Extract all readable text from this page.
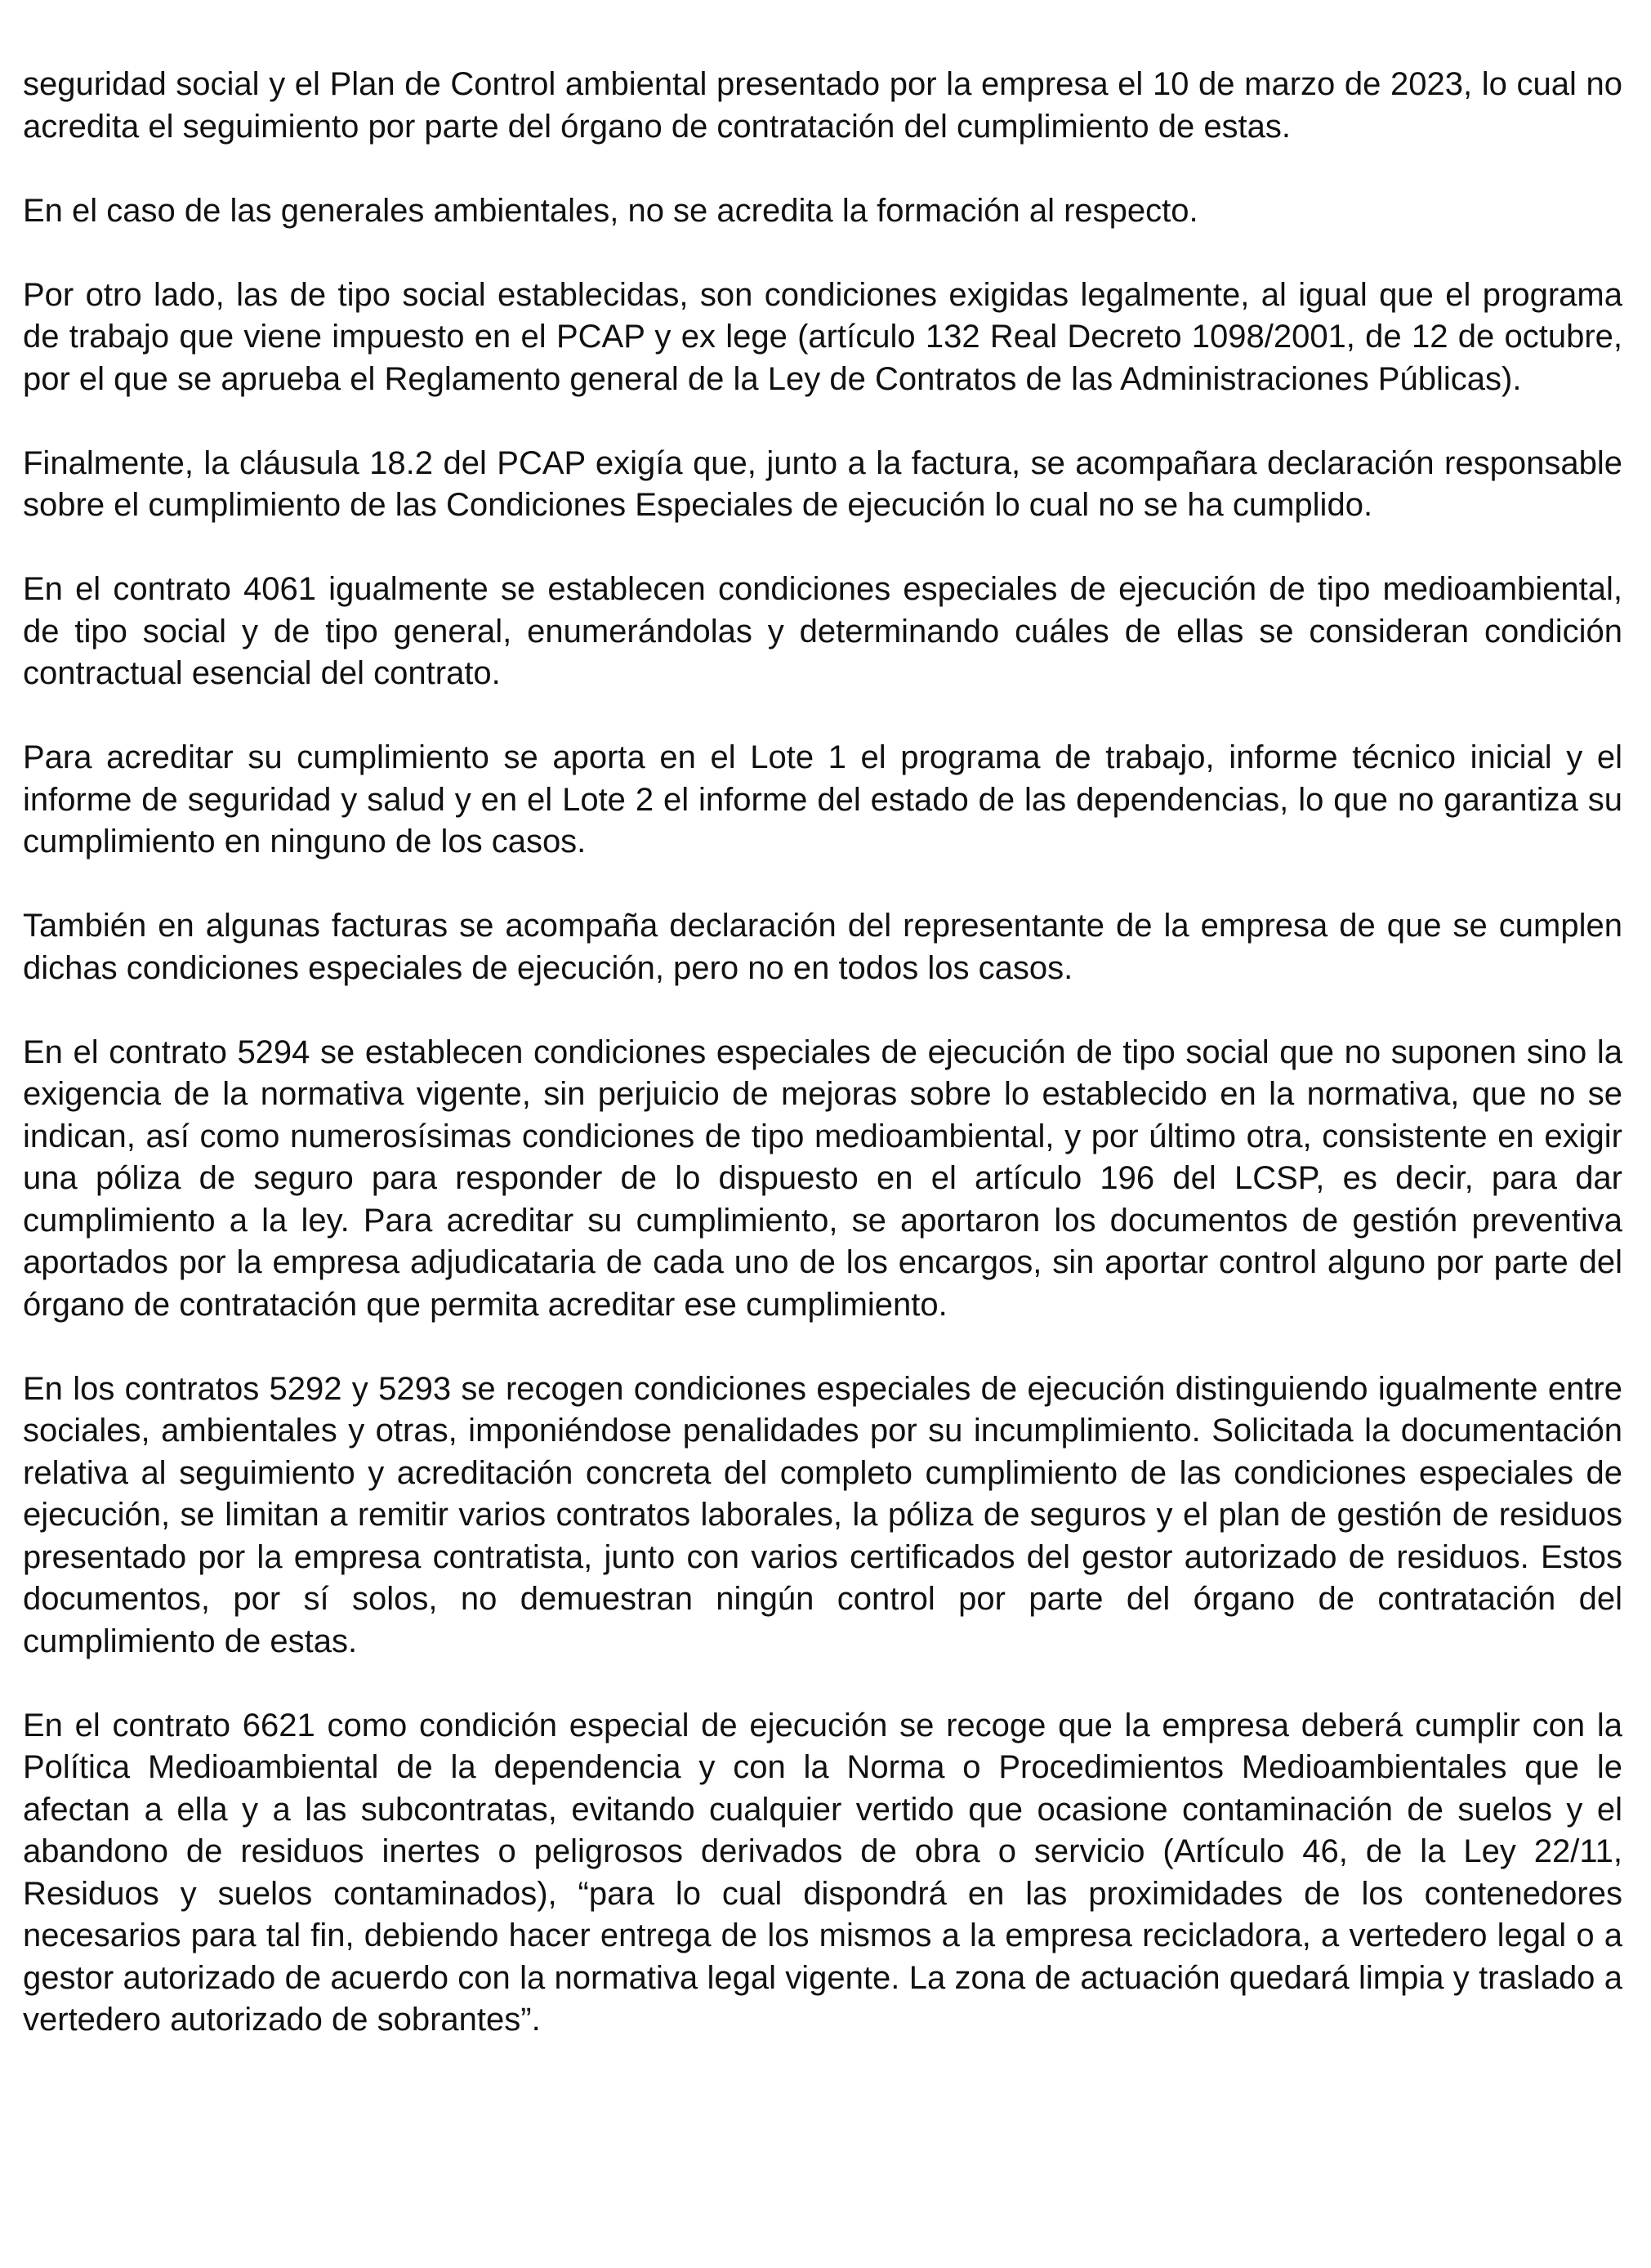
seguridad social y el Plan de Control ambiental presentado por la empresa el 10 de marzo de 2023, lo cual no acredita el seguimiento por parte del órgano de contratación del cumplimiento de estas.

En el caso de las generales ambientales, no se acredita la formación al respecto.

Por otro lado, las de tipo social establecidas, son condiciones exigidas legalmente, al igual que el programa de trabajo que viene impuesto en el PCAP y ex lege (artículo 132 Real Decreto 1098/2001, de 12 de octubre, por el que se aprueba el Reglamento general de la Ley de Contratos de las Administraciones Públicas).

Finalmente, la cláusula 18.2 del PCAP exigía que, junto a la factura, se acompañara declaración responsable sobre el cumplimiento de las Condiciones Especiales de ejecución lo cual no se ha cumplido.

En el contrato 4061 igualmente se establecen condiciones especiales de ejecución de tipo medioambiental, de tipo social y de tipo general, enumerándolas y determinando cuáles de ellas se consideran condición contractual esencial del contrato.

Para acreditar su cumplimiento se aporta en el Lote 1 el programa de trabajo, informe técnico inicial y el informe de seguridad y salud y en el Lote 2 el informe del estado de las dependencias, lo que no garantiza su cumplimiento en ninguno de los casos.

También en algunas facturas se acompaña declaración del representante de la empresa de que se cumplen dichas condiciones especiales de ejecución, pero no en todos los casos.

En el contrato 5294 se establecen condiciones especiales de ejecución de tipo social que no suponen sino la exigencia de la normativa vigente, sin perjuicio de mejoras sobre lo establecido en la normativa, que no se indican, así como numerosísimas condiciones de tipo medioambiental, y por último otra, consistente en exigir una póliza de seguro para responder de lo dispuesto en el artículo 196 del LCSP, es decir, para dar cumplimiento a la ley. Para acreditar su cumplimiento, se aportaron los documentos de gestión preventiva aportados por la empresa adjudicataria de cada uno de los encargos, sin aportar control alguno por parte del órgano de contratación que permita acreditar ese cumplimiento.

En los contratos 5292 y 5293 se recogen condiciones especiales de ejecución distinguiendo igualmente entre sociales, ambientales y otras, imponiéndose penalidades por su incumplimiento. Solicitada la documentación relativa al seguimiento y acreditación concreta del completo cumplimiento de las condiciones especiales de ejecución, se limitan a remitir varios contratos laborales, la póliza de seguros y el plan de gestión de residuos presentado por la empresa contratista, junto con varios certificados del gestor autorizado de residuos. Estos documentos, por sí solos, no demuestran ningún control por parte del órgano de contratación del cumplimiento de estas.

En el contrato 6621 como condición especial de ejecución se recoge que la empresa deberá cumplir con la Política Medioambiental de la dependencia y con la Norma o Procedimientos Medioambientales que le afectan a ella y a las subcontratas, evitando cualquier vertido que ocasione contaminación de suelos y el abandono de residuos inertes o peligrosos derivados de obra o servicio (Artículo 46, de la Ley 22/11, Residuos y suelos contaminados), “para lo cual dispondrá en las proximidades de los contenedores necesarios para tal fin, debiendo hacer entrega de los mismos a la empresa recicladora, a vertedero legal o a gestor autorizado de acuerdo con la normativa legal vigente. La zona de actuación quedará limpia y traslado a vertedero autorizado de sobrantes”.
